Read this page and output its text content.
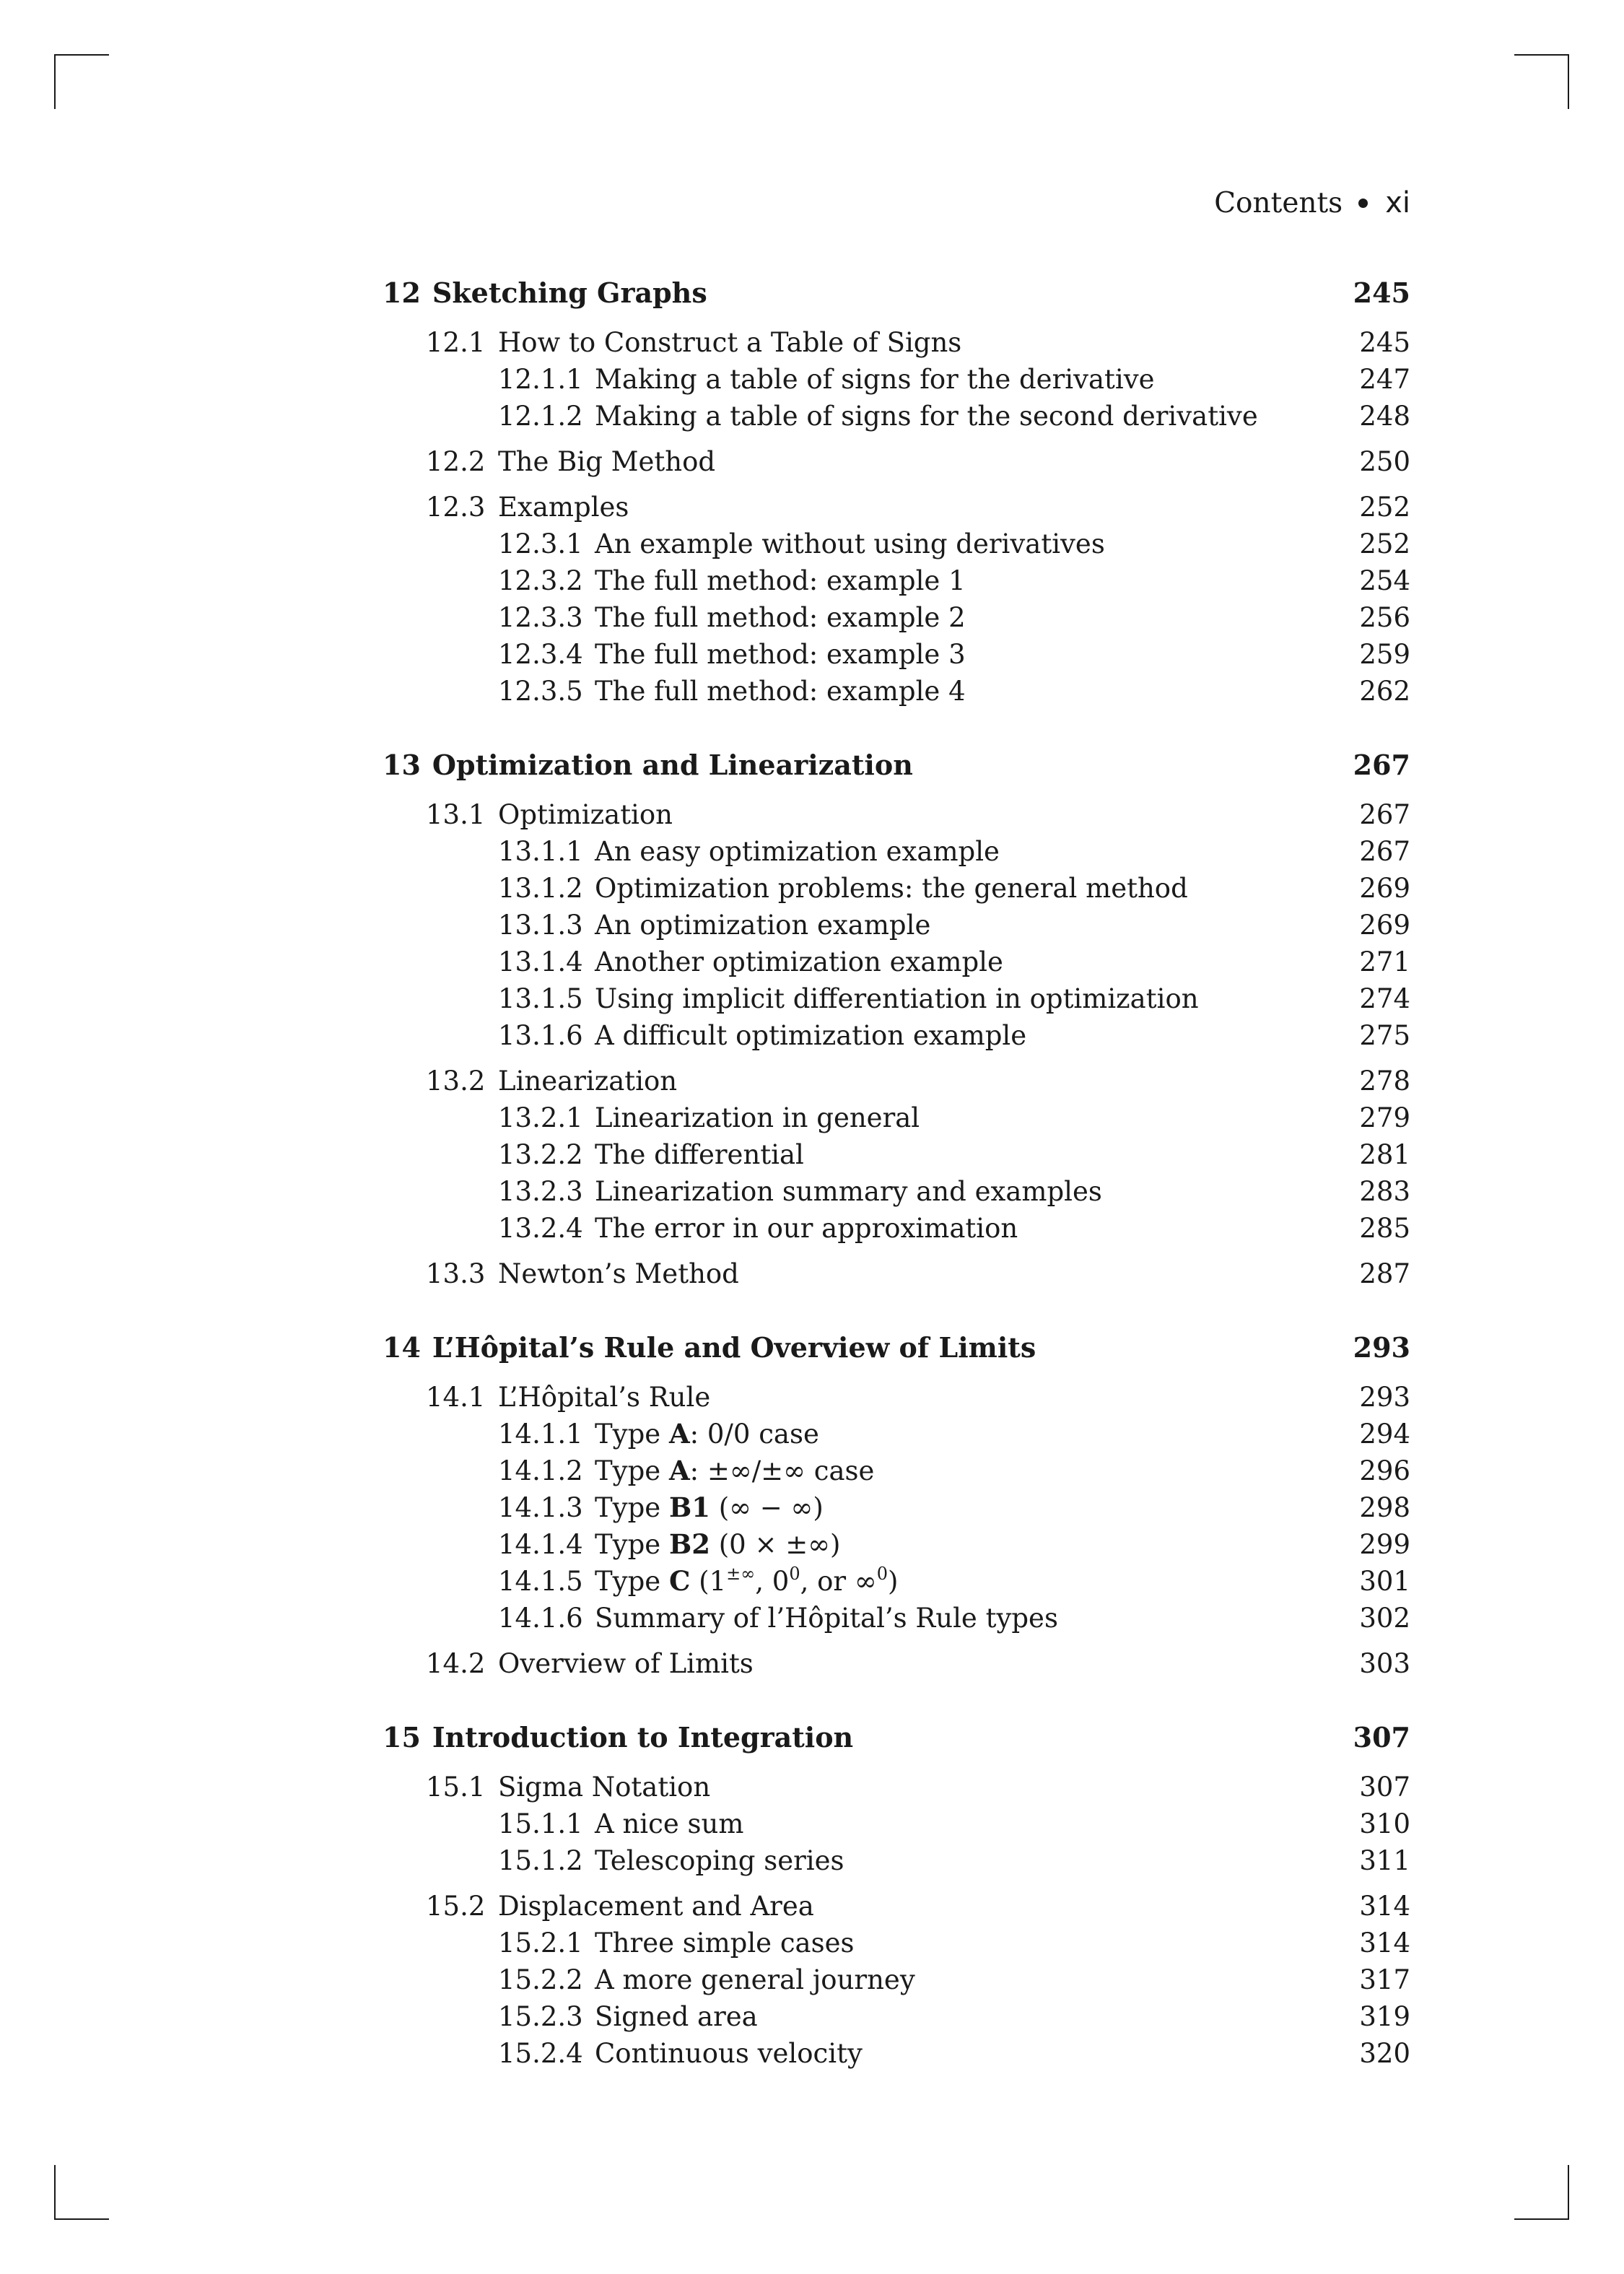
Contents xi
12 Sketching Graphs	245
12.1 How to Construct a Table of Signs	245
12.1.1 Making a table of signs for the derivative	247
12.1.2 Making a table of signs for the second derivative	248
12.2 The Big Method	250
12.3 Examples	252
12.3.1 An example without using derivatives	252
12.3.2 The full method: example 1	254
12.3.3 The full method: example 2	256
12.3.4 The full method: example 3	259
12.3.5 The full method: example 4	262
13 Optimization and Linearization	267
13.1 Optimization	267
13.1.1 An easy optimization example	267
13.1.2 Optimization problems: the general method	269
13.1.3 An optimization example	269
13.1.4 Another optimization example	271
13.1.5 Using implicit differentiation in optimization	274
13.1.6 A difficult optimization example	275
13.2 Linearization	278
13.2.1 Linearization in general	279
13.2.2 The differential	281
13.2.3 Linearization summary and examples	283
13.2.4 The error in our approximation	285
13.3 Newton’s Method	287
14 L’Hôpital’s Rule and Overview of Limits	293
14.1 L’Hôpital’s Rule	293
14.1.1 Type A: 0/0 case	294
14.1.2 Type A: ±∞/±∞ case	296
14.1.3 Type B1 (∞ − ∞)	298
14.1.4 Type B2 (0 × ±∞)	299
14.1.5 Type C (1±∞, $0^0$, or ∞$^0$)	301
14.1.6 Summary of l’Hôpital’s Rule types	302
14.2 Overview of Limits	303
15 Introduction to Integration	307
15.1 Sigma Notation	307
15.1.1 A nice sum	310
15.1.2 Telescoping series	311
15.2 Displacement and Area	314
15.2.1 Three simple cases	314
15.2.2 A more general journey	317
15.2.3 Signed area	319
15.2.4 Continuous velocity	320
